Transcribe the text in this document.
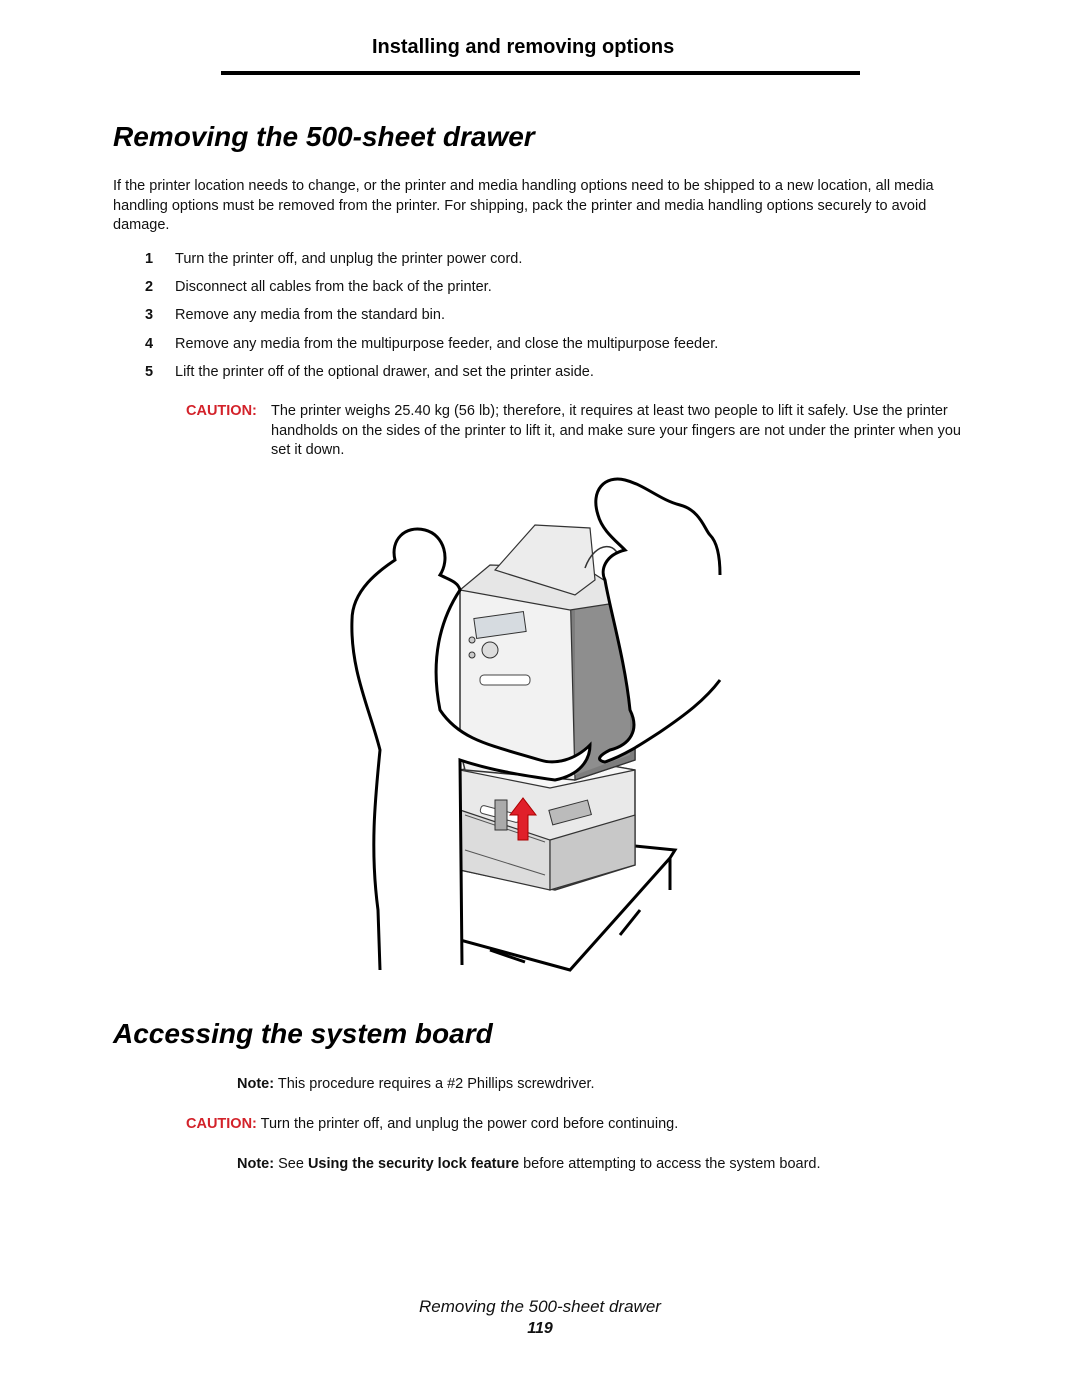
Installing and removing options
Removing the 500-sheet drawer
If the printer location needs to change, or the printer and media handling options need to be shipped to a new location, all media handling options must be removed from the printer. For shipping, pack the printer and media handling options securely to avoid damage.
1 Turn the printer off, and unplug the printer power cord.
2 Disconnect all cables from the back of the printer.
3 Remove any media from the standard bin.
4 Remove any media from the multipurpose feeder, and close the multipurpose feeder.
5 Lift the printer off of the optional drawer, and set the printer aside.
CAUTION: The printer weighs 25.40 kg (56 lb); therefore, it requires at least two people to lift it safely. Use the printer handholds on the sides of the printer to lift it, and make sure your fingers are not under the printer when you set it down.
Accessing the system board
Note: This procedure requires a #2 Phillips screwdriver.
CAUTION: Turn the printer off, and unplug the power cord before continuing.
Note: See Using the security lock feature before attempting to access the system board.
Removing the 500-sheet drawer
119
